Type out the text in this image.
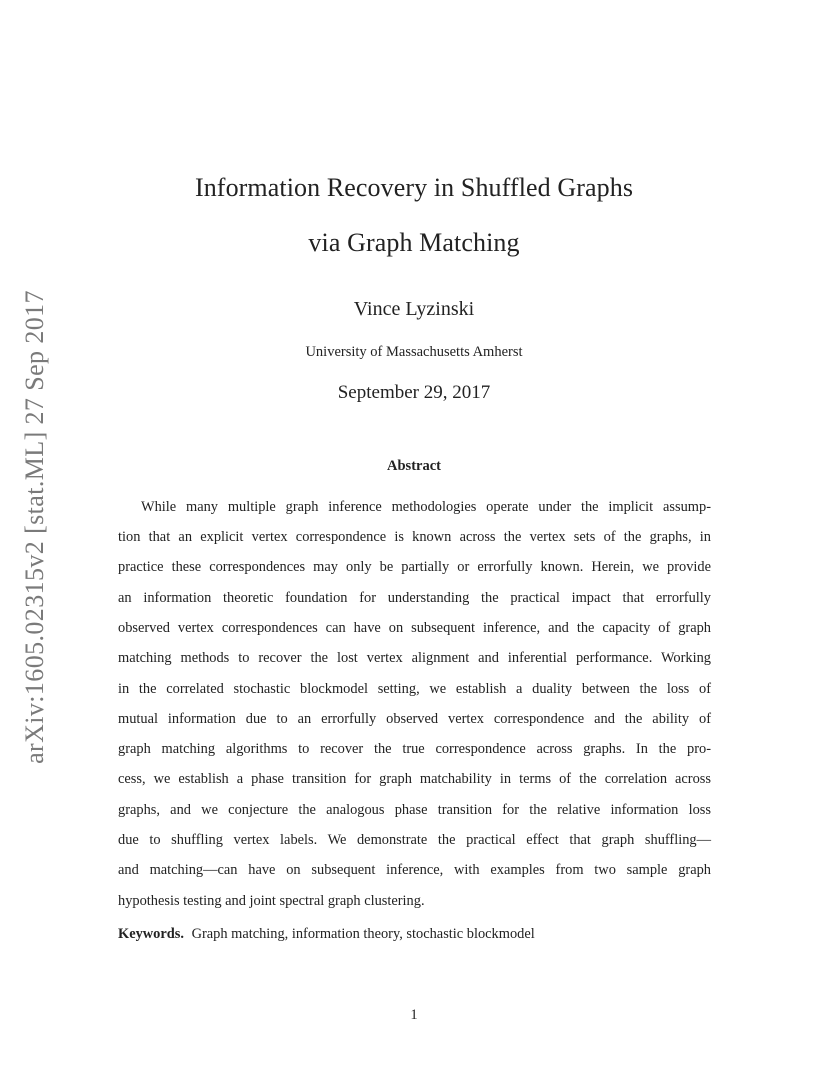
arXiv:1605.02315v2 [stat.ML] 27 Sep 2017
Information Recovery in Shuffled Graphs
via Graph Matching
Vince Lyzinski
University of Massachusetts Amherst
September 29, 2017
Abstract
While many multiple graph inference methodologies operate under the implicit assump-
tion that an explicit vertex correspondence is known across the vertex sets of the graphs, in
practice these correspondences may only be partially or errorfully known. Herein, we provide
an information theoretic foundation for understanding the practical impact that errorfully
observed vertex correspondences can have on subsequent inference, and the capacity of graph
matching methods to recover the lost vertex alignment and inferential performance. Working
in the correlated stochastic blockmodel setting, we establish a duality between the loss of
mutual information due to an errorfully observed vertex correspondence and the ability of
graph matching algorithms to recover the true correspondence across graphs. In the pro-
cess, we establish a phase transition for graph matchability in terms of the correlation across
graphs, and we conjecture the analogous phase transition for the relative information loss
due to shuffling vertex labels. We demonstrate the practical effect that graph shuffling—
and matching—can have on subsequent inference, with examples from two sample graph
hypothesis testing and joint spectral graph clustering.
Keywords. Graph matching, information theory, stochastic blockmodel
1
